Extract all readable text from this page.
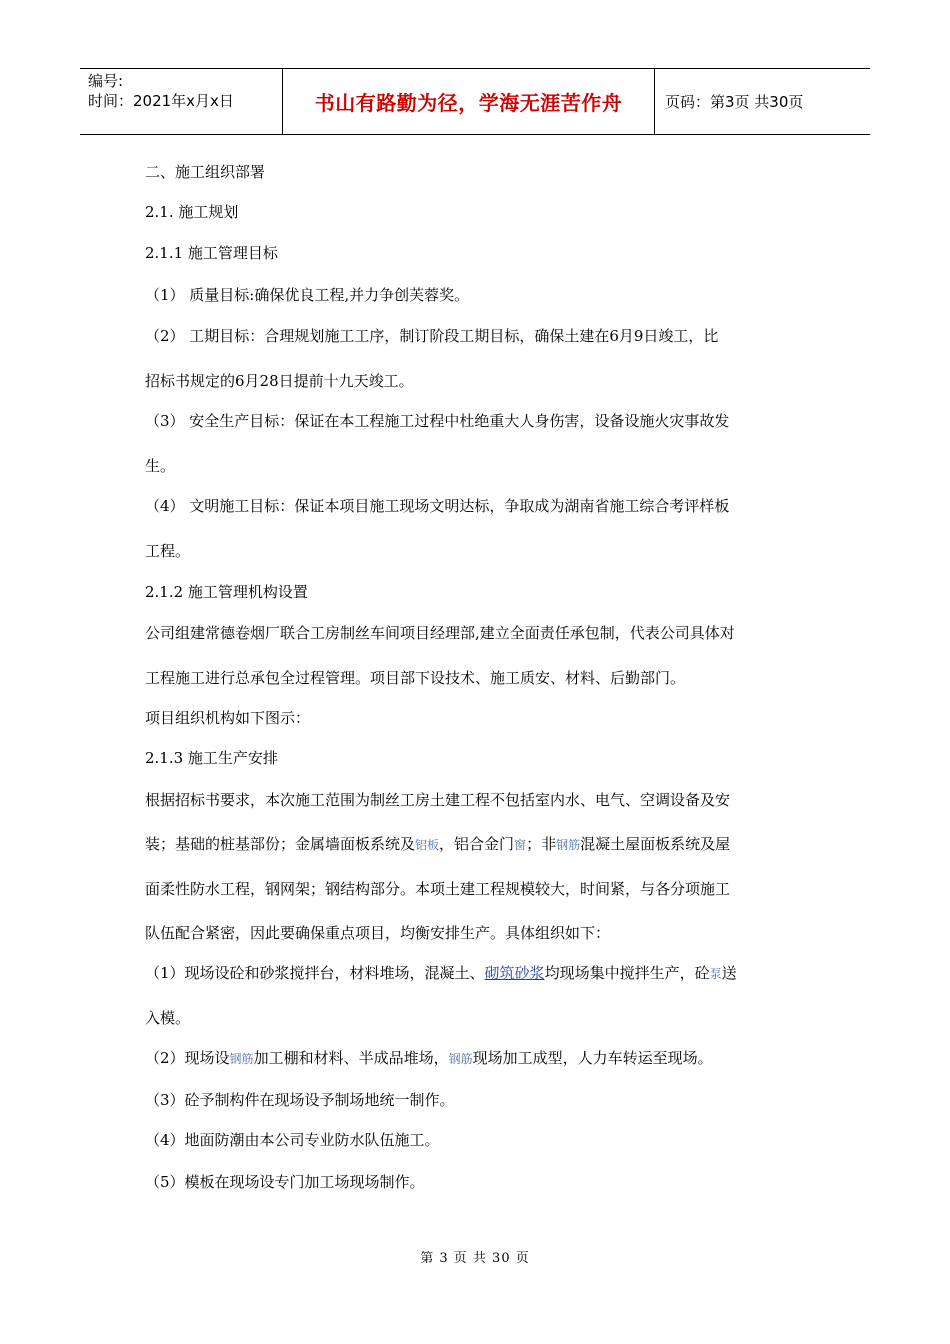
编号:
时间：2021年x月x日	书山有路勤为径，学海无涯苦作舟	页码：第3页 共30页
二、施工组织部署
2.1. 施工规划
2.1.1 施工管理目标
（1） 质量目标:确保优良工程,并力争创芙蓉奖。
（2） 工期目标：合理规划施工工序，制订阶段工期目标，确保土建在6月9日竣工，比
招标书规定的6月28日提前十九天竣工。
（3） 安全生产目标：保证在本工程施工过程中杜绝重大人身伤害，设备设施火灾事故发
生。
（4） 文明施工目标：保证本项目施工现场文明达标，争取成为湖南省施工综合考评样板
工程。
2.1.2 施工管理机构设置
公司组建常德卷烟厂联合工房制丝车间项目经理部,建立全面责任承包制，代表公司具体对
工程施工进行总承包全过程管理。项目部下设技术、施工质安、材料、后勤部门。
项目组织机构如下图示：
2.1.3 施工生产安排
根据招标书要求，本次施工范围为制丝工房土建工程不包括室内水、电气、空调设备及安
装；基础的桩基部份；金属墙面板系统及铝板，铝合金门窗；非钢筋混凝土屋面板系统及屋
面柔性防水工程，钢网架；钢结构部分。本项土建工程规模较大，时间紧，与各分项施工
队伍配合紧密，因此要确保重点项目，均衡安排生产。具体组织如下：
（1）现场设砼和砂浆搅拌台，材料堆场，混凝土、砌筑砂浆均现场集中搅拌生产，砼泵送
入模。
（2）现场设钢筋加工棚和材料、半成品堆场，钢筋现场加工成型，人力车转运至现场。
（3）砼予制构件在现场设予制场地统一制作。
（4）地面防潮由本公司专业防水队伍施工。
（5）模板在现场设专门加工场现场制作。
第 3 页 共 30 页
